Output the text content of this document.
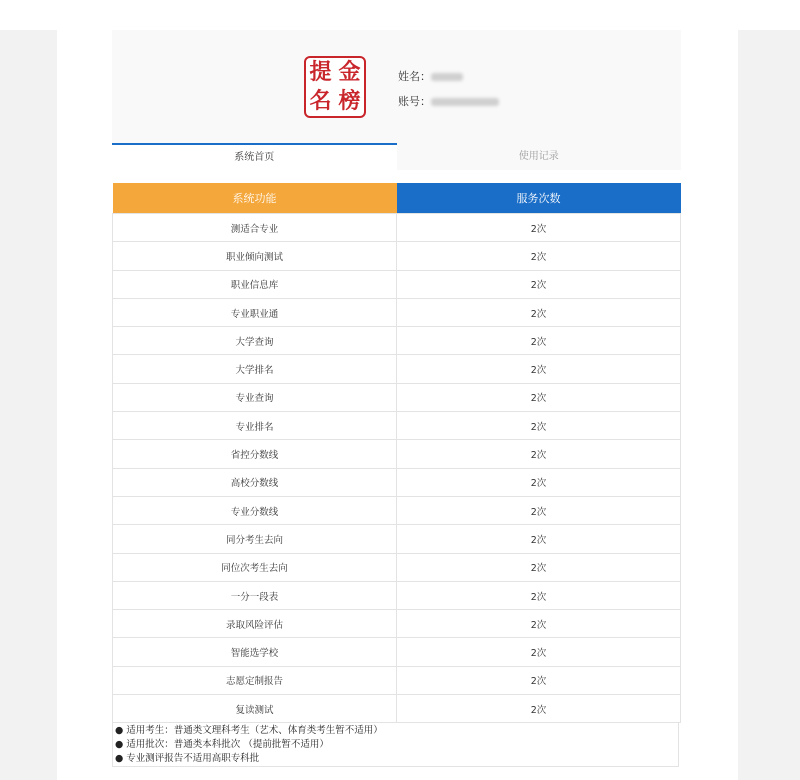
提 金
名 榜
姓名：
账号：
系统首页	使用记录
系统功能	服务次数
测适合专业	2次
职业倾向测试	2次
职业信息库	2次
专业职业通	2次
大学查询	2次
大学排名	2次
专业查询	2次
专业排名	2次
省控分数线	2次
高校分数线	2次
专业分数线	2次
同分考生去向	2次
同位次考生去向	2次
一分一段表	2次
录取风险评估	2次
智能选学校	2次
志愿定制报告	2次
复读测试	2次
● 适用考生：普通类文理科考生（艺术、体育类考生暂不适用）
● 适用批次：普通类本科批次 （提前批暂不适用）
● 专业测评报告不适用高职专科批
